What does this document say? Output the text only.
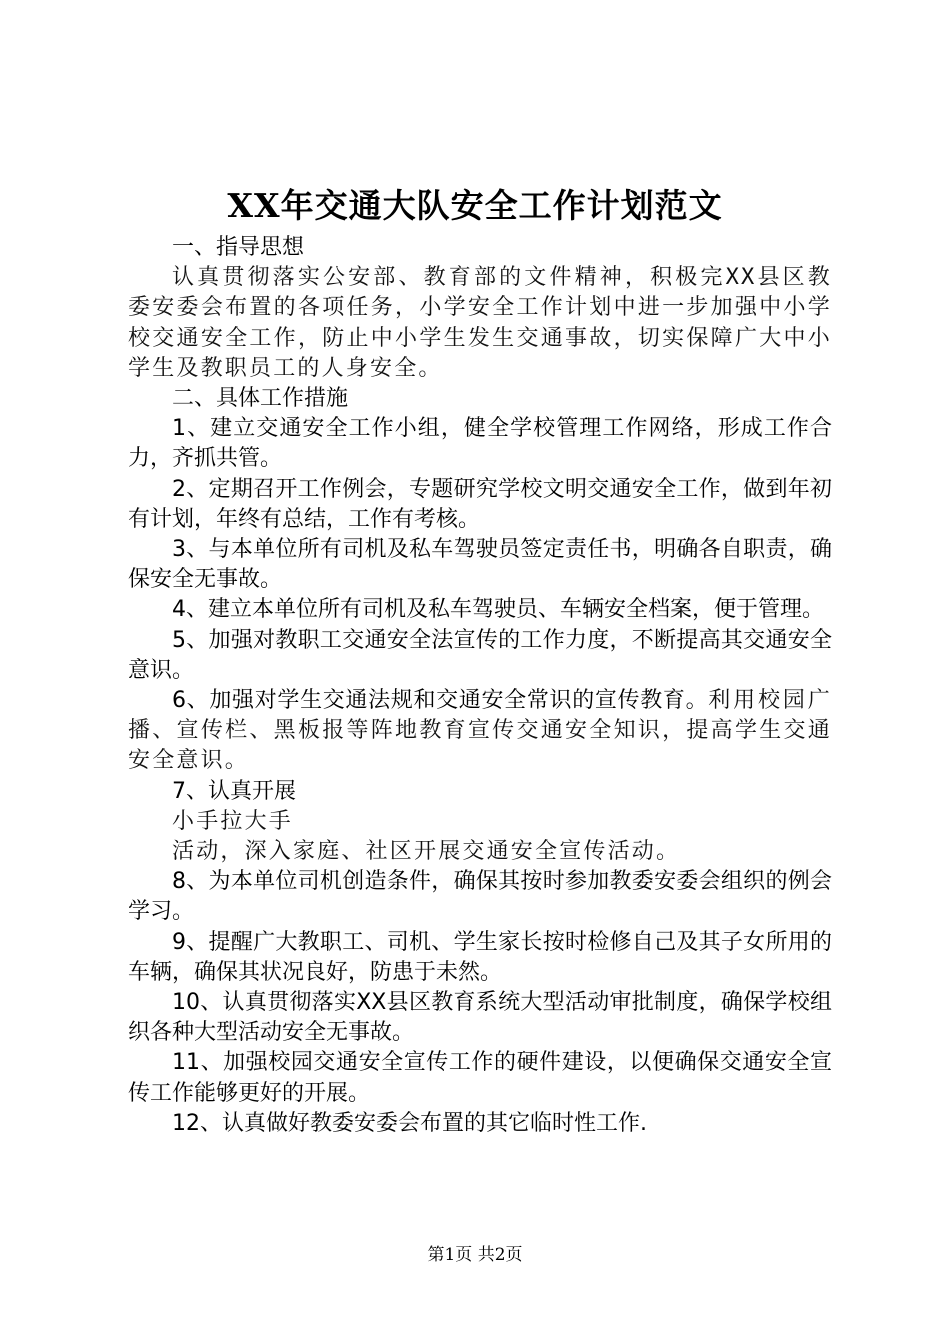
XX年交通大队安全工作计划范文

一、指导思想

认真贯彻落实公安部、教育部的文件精神，积极完XX县区教委安委会布置的各项任务，小学安全工作计划中进一步加强中小学校交通安全工作，防止中小学生发生交通事故，切实保障广大中小学生及教职员工的人身安全。

二、具体工作措施

1、建立交通安全工作小组，健全学校管理工作网络，形成工作合力，齐抓共管。

2、定期召开工作例会，专题研究学校文明交通安全工作，做到年初有计划，年终有总结，工作有考核。

3、与本单位所有司机及私车驾驶员签定责任书，明确各自职责，确保安全无事故。

4、建立本单位所有司机及私车驾驶员、车辆安全档案，便于管理。

5、加强对教职工交通安全法宣传的工作力度，不断提高其交通安全意识。

6、加强对学生交通法规和交通安全常识的宣传教育。利用校园广播、宣传栏、黑板报等阵地教育宣传交通安全知识，提高学生交通安全意识。

7、认真开展

小手拉大手

活动，深入家庭、社区开展交通安全宣传活动。

8、为本单位司机创造条件，确保其按时参加教委安委会组织的例会学习。

9、提醒广大教职工、司机、学生家长按时检修自己及其子女所用的车辆，确保其状况良好，防患于未然。

10、认真贯彻落实XX县区教育系统大型活动审批制度，确保学校组织各种大型活动安全无事故。

11、加强校园交通安全宣传工作的硬件建设，以便确保交通安全宣传工作能够更好的开展。

12、认真做好教委安委会布置的其它临时性工作.

第1页 共2页
